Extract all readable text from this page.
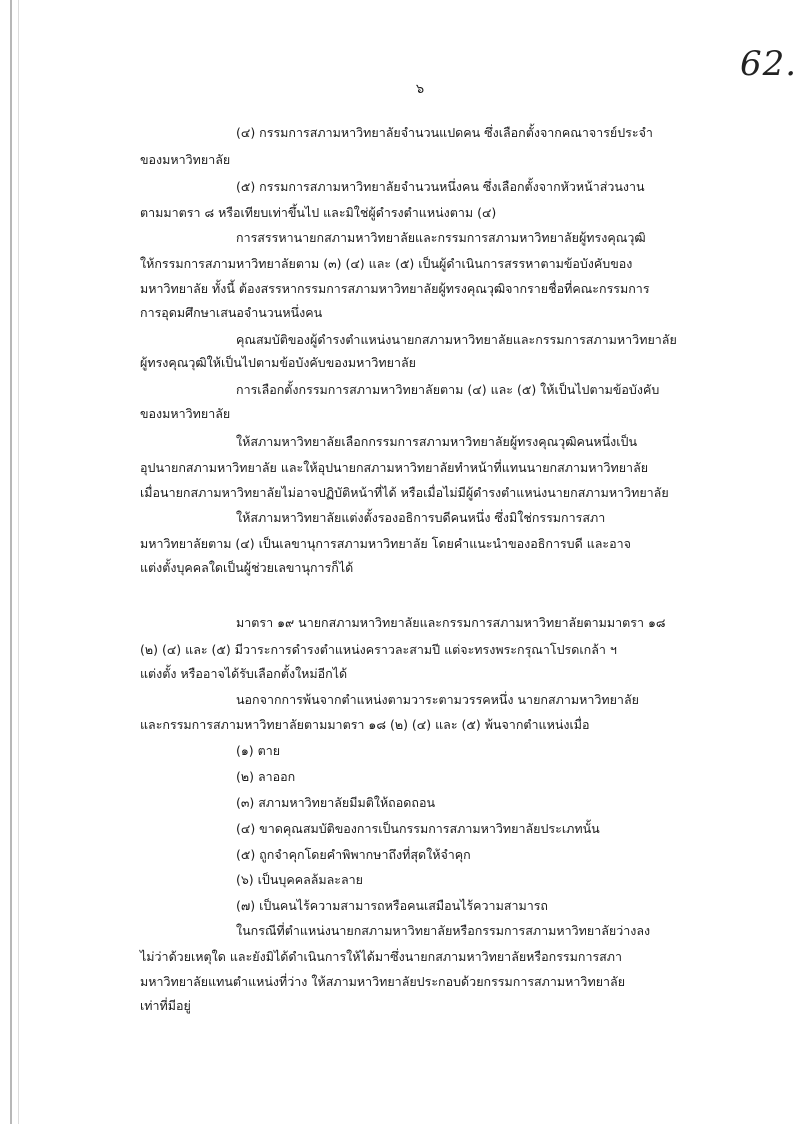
62.
๖
(๔) กรรมการสภามหาวิทยาลัยจำนวนแปดคน ซึ่งเลือกตั้งจากคณาจารย์ประจำ
ของมหาวิทยาลัย
(๕) กรรมการสภามหาวิทยาลัยจำนวนหนึ่งคน ซึ่งเลือกตั้งจากหัวหน้าส่วนงาน
ตามมาตรา ๘ หรือเทียบเท่าขึ้นไป และมิใช่ผู้ดำรงตำแหน่งตาม (๔)
การสรรหานายกสภามหาวิทยาลัยและกรรมการสภามหาวิทยาลัยผู้ทรงคุณวุฒิ
ให้กรรมการสภามหาวิทยาลัยตาม (๓) (๔) และ (๕) เป็นผู้ดำเนินการสรรหาตามข้อบังคับของ
มหาวิทยาลัย ทั้งนี้ ต้องสรรหากรรมการสภามหาวิทยาลัยผู้ทรงคุณวุฒิจากรายชื่อที่คณะกรรมการ
การอุดมศึกษาเสนอจำนวนหนึ่งคน
คุณสมบัติของผู้ดำรงตำแหน่งนายกสภามหาวิทยาลัยและกรรมการสภามหาวิทยาลัย
ผู้ทรงคุณวุฒิให้เป็นไปตามข้อบังคับของมหาวิทยาลัย
การเลือกตั้งกรรมการสภามหาวิทยาลัยตาม (๔) และ (๕) ให้เป็นไปตามข้อบังคับ
ของมหาวิทยาลัย
ให้สภามหาวิทยาลัยเลือกกรรมการสภามหาวิทยาลัยผู้ทรงคุณวุฒิคนหนึ่งเป็น
อุปนายกสภามหาวิทยาลัย และให้อุปนายกสภามหาวิทยาลัยทำหน้าที่แทนนายกสภามหาวิทยาลัย
เมื่อนายกสภามหาวิทยาลัยไม่อาจปฏิบัติหน้าที่ได้ หรือเมื่อไม่มีผู้ดำรงตำแหน่งนายกสภามหาวิทยาลัย
ให้สภามหาวิทยาลัยแต่งตั้งรองอธิการบดีคนหนึ่ง ซึ่งมิใช่กรรมการสภา
มหาวิทยาลัยตาม (๔) เป็นเลขานุการสภามหาวิทยาลัย โดยคำแนะนำของอธิการบดี และอาจ
แต่งตั้งบุคคลใดเป็นผู้ช่วยเลขานุการก็ได้
มาตรา ๑๙ นายกสภามหาวิทยาลัยและกรรมการสภามหาวิทยาลัยตามมาตรา ๑๘
(๒) (๔) และ (๕) มีวาระการดำรงตำแหน่งคราวละสามปี แต่จะทรงพระกรุณาโปรดเกล้า ฯ
แต่งตั้ง หรืออาจได้รับเลือกตั้งใหม่อีกได้
นอกจากการพ้นจากตำแหน่งตามวาระตามวรรคหนึ่ง นายกสภามหาวิทยาลัย
และกรรมการสภามหาวิทยาลัยตามมาตรา ๑๘ (๒) (๔) และ (๕) พ้นจากตำแหน่งเมื่อ
(๑) ตาย
(๒) ลาออก
(๓) สภามหาวิทยาลัยมีมติให้ถอดถอน
(๔) ขาดคุณสมบัติของการเป็นกรรมการสภามหาวิทยาลัยประเภทนั้น
(๕) ถูกจำคุกโดยคำพิพากษาถึงที่สุดให้จำคุก
(๖) เป็นบุคคลล้มละลาย
(๗) เป็นคนไร้ความสามารถหรือคนเสมือนไร้ความสามารถ
ในกรณีที่ตำแหน่งนายกสภามหาวิทยาลัยหรือกรรมการสภามหาวิทยาลัยว่างลง
ไม่ว่าด้วยเหตุใด และยังมิได้ดำเนินการให้ได้มาซึ่งนายกสภามหาวิทยาลัยหรือกรรมการสภา
มหาวิทยาลัยแทนตำแหน่งที่ว่าง ให้สภามหาวิทยาลัยประกอบด้วยกรรมการสภามหาวิทยาลัย
เท่าที่มีอยู่
